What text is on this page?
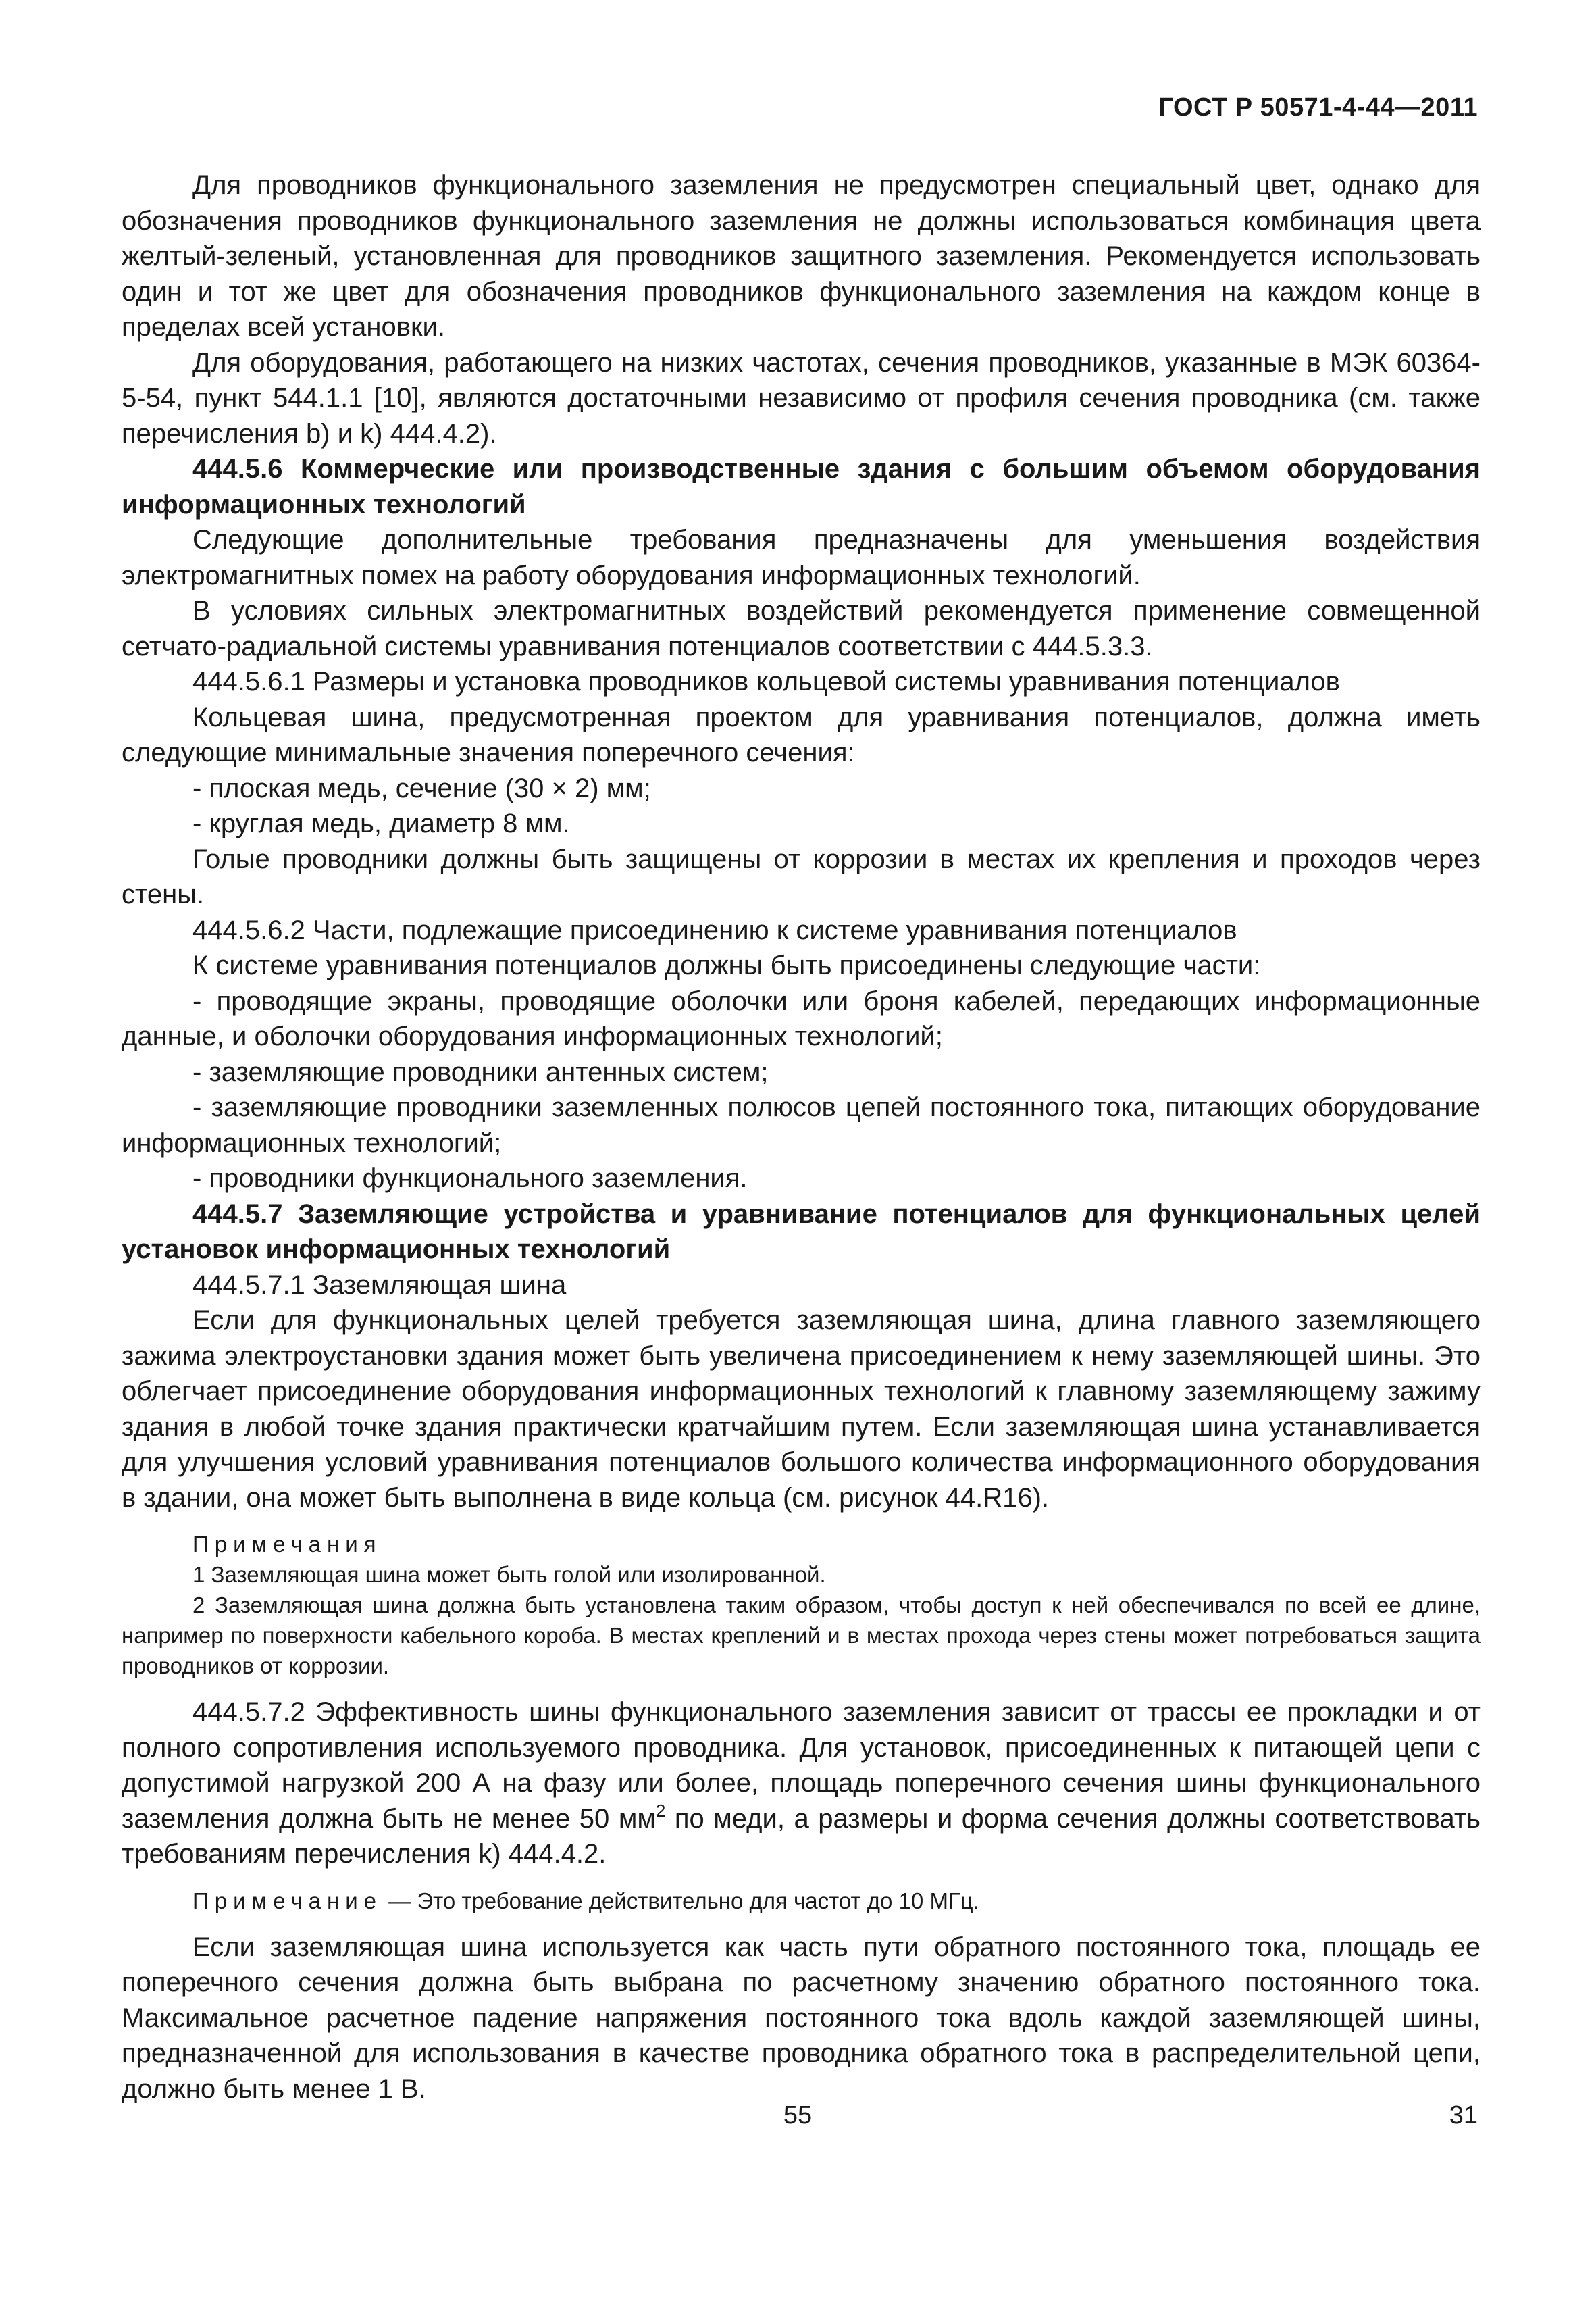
ГОСТ Р 50571-4-44—2011

Для проводников функционального заземления не предусмотрен специальный цвет, однако для обозначения проводников функционального заземления не должны использоваться комбинация цвета желтый-зеленый, установленная для проводников защитного заземления. Рекомендуется использовать один и тот же цвет для обозначения проводников функционального заземления на каждом конце в пределах всей установки.

Для оборудования, работающего на низких частотах, сечения проводников, указанные в МЭК 60364-5-54, пункт 544.1.1 [10], являются достаточными независимо от профиля сечения проводника (см. также перечисления b) и k) 444.4.2).

444.5.6 Коммерческие или производственные здания с большим объемом оборудования информационных технологий

Следующие дополнительные требования предназначены для уменьшения воздействия электромагнитных помех на работу оборудования информационных технологий.

В условиях сильных электромагнитных воздействий рекомендуется применение совмещенной сетчато-радиальной системы уравнивания потенциалов соответствии с 444.5.3.3.

444.5.6.1 Размеры и установка проводников кольцевой системы уравнивания потенциалов

Кольцевая шина, предусмотренная проектом для уравнивания потенциалов, должна иметь следующие минимальные значения поперечного сечения:

- плоская медь, сечение (30 × 2) мм;

- круглая медь, диаметр 8 мм.

Голые проводники должны быть защищены от коррозии в местах их крепления и проходов через стены.

444.5.6.2 Части, подлежащие присоединению к системе уравнивания потенциалов

К системе уравнивания потенциалов должны быть присоединены следующие части:

- проводящие экраны, проводящие оболочки или броня кабелей, передающих информационные данные, и оболочки оборудования информационных технологий;

- заземляющие проводники антенных систем;

- заземляющие проводники заземленных полюсов цепей постоянного тока, питающих оборудование информационных технологий;

- проводники функционального заземления.

444.5.7 Заземляющие устройства и уравнивание потенциалов для функциональных целей установок информационных технологий

444.5.7.1 Заземляющая шина

Если для функциональных целей требуется заземляющая шина, длина главного заземляющего зажима электроустановки здания может быть увеличена присоединением к нему заземляющей шины. Это облегчает присоединение оборудования информационных технологий к главному заземляющему зажиму здания в любой точке здания практически кратчайшим путем. Если заземляющая шина устанавливается для улучшения условий уравнивания потенциалов большого количества информационного оборудования в здании, она может быть выполнена в виде кольца (см. рисунок 44.R16).

Примечания

1 Заземляющая шина может быть голой или изолированной.

2 Заземляющая шина должна быть установлена таким образом, чтобы доступ к ней обеспечивался по всей ее длине, например по поверхности кабельного короба. В местах креплений и в местах прохода через стены может потребоваться защита проводников от коррозии.

444.5.7.2 Эффективность шины функционального заземления зависит от трассы ее прокладки и от полного сопротивления используемого проводника. Для установок, присоединенных к питающей цепи с допустимой нагрузкой 200 А на фазу или более, площадь поперечного сечения шины функционального заземления должна быть не менее 50 $мм^2$ по меди, а размеры и форма сечения должны соответствовать требованиям перечисления k) 444.4.2.

Примечание — Это требование действительно для частот до 10 МГц.

Если заземляющая шина используется как часть пути обратного постоянного тока, площадь ее поперечного сечения должна быть выбрана по расчетному значению обратного постоянного тока. Максимальное расчетное падение напряжения постоянного тока вдоль каждой заземляющей шины, предназначенной для использования в качестве проводника обратного тока в распределительной цепи, должно быть менее 1 В.

55	31
